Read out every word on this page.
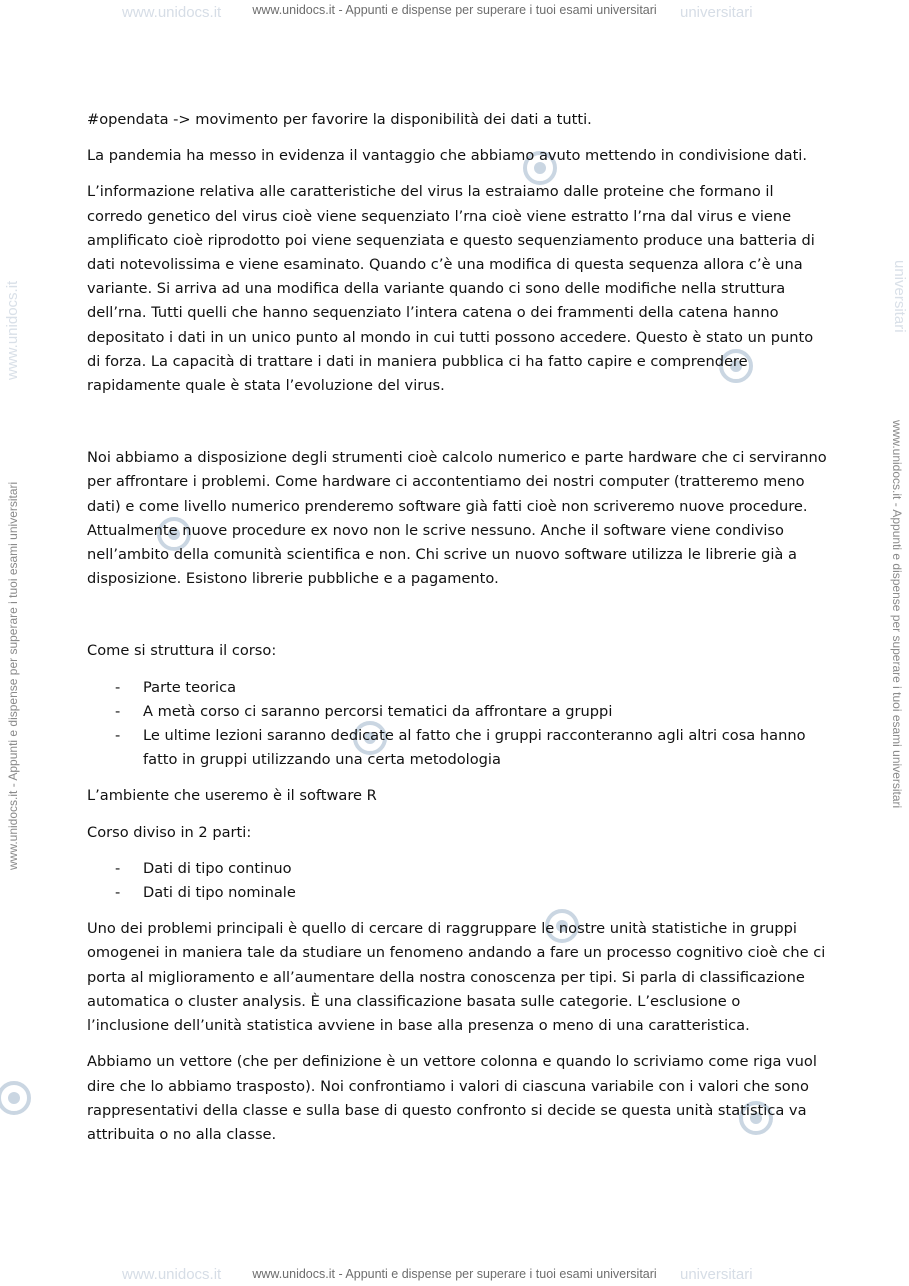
www.unidocs.it	universitari
www.unidocs.it - Appunti e dispense per superare i tuoi esami universitari
www.unidocs.it
www.unidocs.it - Appunti e dispense per superare i tuoi esami universitari
universitari
www.unidocs.it - Appunti e dispense per superare i tuoi esami universitari

#opendata -> movimento per favorire la disponibilità dei dati a tutti.

La pandemia ha messo in evidenza il vantaggio che abbiamo avuto mettendo in condivisione dati.

L’informazione relativa alle caratteristiche del virus la estraiamo dalle proteine che formano il corredo genetico del virus cioè viene sequenziato l’rna cioè viene estratto l’rna dal virus e viene amplificato cioè riprodotto poi viene sequenziata e questo sequenziamento produce una batteria di dati notevolissima e viene esaminato. Quando c’è una modifica di questa sequenza allora c’è una variante. Si arriva ad una modifica della variante quando ci sono delle modifiche nella struttura dell’rna. Tutti quelli che hanno sequenziato l’intera catena o dei frammenti della catena hanno depositato i dati in un unico punto al mondo in cui tutti possono accedere. Questo è stato un punto di forza. La capacità di trattare i dati in maniera pubblica ci ha fatto capire e comprendere rapidamente quale è stata l’evoluzione del virus.

Noi abbiamo a disposizione degli strumenti cioè calcolo numerico e parte hardware che ci serviranno per affrontare i problemi. Come hardware ci accontentiamo dei nostri computer (tratteremo meno dati) e come livello numerico prenderemo software già fatti cioè non scriveremo nuove procedure. Attualmente nuove procedure ex novo non le scrive nessuno. Anche il software viene condiviso nell’ambito della comunità scientifica e non. Chi scrive un nuovo software utilizza le librerie già a disposizione. Esistono librerie pubbliche e a pagamento.

Come si struttura il corso:

- Parte teorica
- A metà corso ci saranno percorsi tematici da affrontare a gruppi
- Le ultime lezioni saranno dedicate al fatto che i gruppi racconteranno agli altri cosa hanno fatto in gruppi utilizzando una certa metodologia

L’ambiente che useremo è il software R

Corso diviso in 2 parti:

- Dati di tipo continuo
- Dati di tipo nominale

Uno dei problemi principali è quello di cercare di raggruppare le nostre unità statistiche in gruppi omogenei in maniera tale da studiare un fenomeno andando a fare un processo cognitivo cioè che ci porta al miglioramento e all’aumentare della nostra conoscenza per tipi. Si parla di classificazione automatica o cluster analysis. È una classificazione basata sulle categorie. L’esclusione o l’inclusione dell’unità statistica avviene in base alla presenza o meno di una caratteristica.

Abbiamo un vettore (che per definizione è un vettore colonna e quando lo scriviamo come riga vuol dire che lo abbiamo trasposto). Noi confrontiamo i valori di ciascuna variabile con i valori che sono rappresentativi della classe e sulla base di questo confronto si decide se questa unità statistica va attribuita o no alla classe.

www.unidocs.it	universitari
www.unidocs.it - Appunti e dispense per superare i tuoi esami universitari
